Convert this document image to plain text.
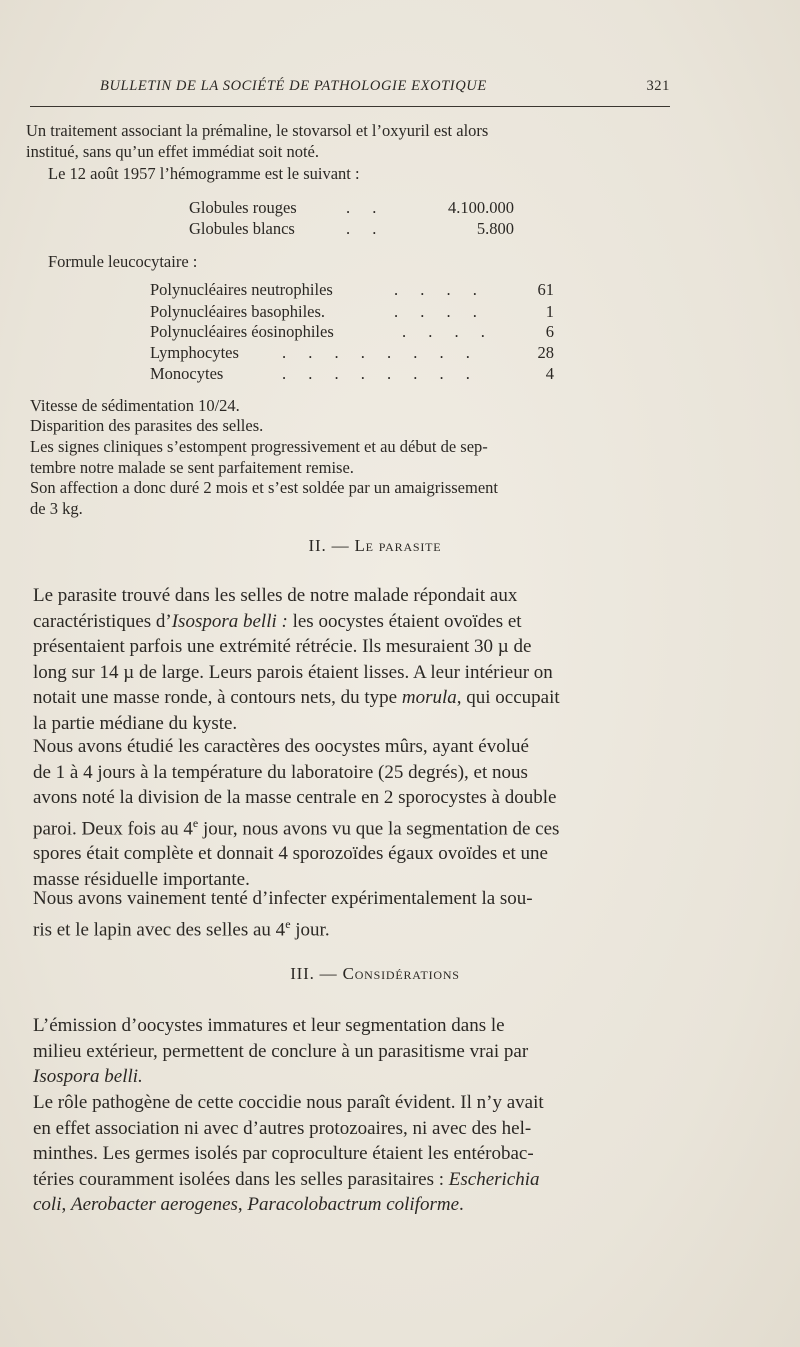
BULLETIN DE LA SOCIÉTÉ DE PATHOLOGIE EXOTIQUE	321
Un traitement associant la prémaline, le stovarsol et l’oxyuril est alors
institué, sans qu’un effet immédiat soit noté.
Le 12 août 1957 l’hémogramme est le suivant :
Globules rouges	. .	4.100.000
Globules blancs	. .	5.800
Formule leucocytaire :
Polynucléaires neutrophiles	. . . .	61
Polynucléaires basophiles.	. . . .	1
Polynucléaires éosinophiles	. . . .	6
Lymphocytes	. . . . . . . .	28
Monocytes	. . . . . . . .	4
Vitesse de sédimentation 10/24.
Disparition des parasites des selles.
Les signes cliniques s’estompent progressivement et au début de sep-
tembre notre malade se sent parfaitement remise.
Son affection a donc duré 2 mois et s’est soldée par un amaigrissement
de 3 kg.
II. — Le parasite
Le parasite trouvé dans les selles de notre malade répondait aux
caractéristiques d’Isospora belli : les oocystes étaient ovoïdes et
présentaient parfois une extrémité rétrécie. Ils mesuraient 30 µ de
long sur 14 µ de large. Leurs parois étaient lisses. A leur intérieur on
notait une masse ronde, à contours nets, du type morula, qui occupait
la partie médiane du kyste.
Nous avons étudié les caractères des oocystes mûrs, ayant évolué
de 1 à 4 jours à la température du laboratoire (25 degrés), et nous
avons noté la division de la masse centrale en 2 sporocystes à double
paroi. Deux fois au 4e jour, nous avons vu que la segmentation de ces
spores était complète et donnait 4 sporozoïdes égaux ovoïdes et une
masse résiduelle importante.
Nous avons vainement tenté d’infecter expérimentalement la sou-
ris et le lapin avec des selles au 4e jour.
III. — Considérations
L’émission d’oocystes immatures et leur segmentation dans le
milieu extérieur, permettent de conclure à un parasitisme vrai par
Isospora belli.
Le rôle pathogène de cette coccidie nous paraît évident. Il n’y avait
en effet association ni avec d’autres protozoaires, ni avec des hel-
minthes. Les germes isolés par coproculture étaient les entérobac-
téries couramment isolées dans les selles parasitaires : Escherichia
coli, Aerobacter aerogenes, Paracolobactrum coliforme.
